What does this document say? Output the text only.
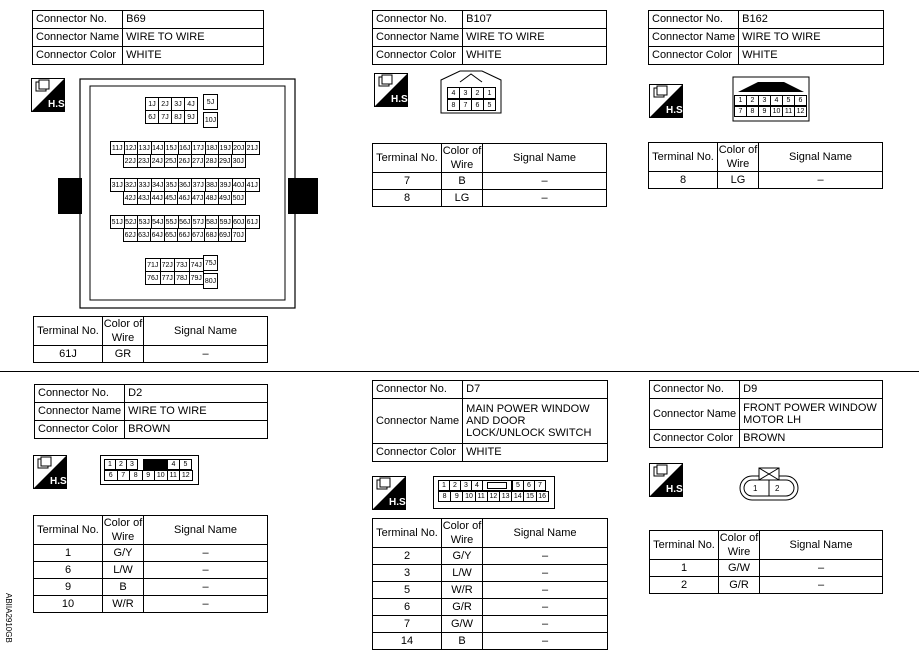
Connector No.	B69
Connector Name	WIRE TO WIRE
Connector Color	WHITE
H.S.	1J 2J 3J 4J	5J
6J 7J 8J 9J	10J
11J 12J 13J 14J 15J 16J 17J 18J 19J 20J 21J
22J 23J 24J 25J 26J 27J 28J 29J 30J
31J 32J 33J 34J 35J 36J 37J 38J 39J 40J 41J
42J 43J 44J 45J 46J 47J 48J 49J 50J
51J 52J 53J 54J 55J 56J 57J 58J 59J 60J 61J
62J 63J 64J 65J 66J 67J 68J 69J 70J
71J 72J 73J 74J 75J
76J 77J 78J 79J 80J
Terminal No.	Color of Wire	Signal Name
61J	GR	–
Connector No.	B107
Connector Name	WIRE TO WIRE
Connector Color	WHITE
H.S.
4	3	2	1
8	7	6	5
Terminal No.	Color of Wire	Signal Name
7	B	–
8	LG	–
Connector No.	B162
Connector Name	WIRE TO WIRE
Connector Color	WHITE
H.S.
1	2	3	4	5	6
7	8	9 10 11 12
Terminal No.	Color of Wire	Signal Name
8	LG	–
Connector No.	D2
Connector Name	WIRE TO WIRE
Connector Color	BROWN
H.S.
1	2	3	4	5
6	7	8	9 10 11 12
Terminal No.	Color of Wire	Signal Name
1	G/Y	–
6	L/W	–
9	B	–
10	W/R	–
Connector No.	D7
Connector Name	MAIN POWER WINDOW AND DOOR LOCK/UNLOCK SWITCH
Connector Color	WHITE
H.S.
1	2	3	4	5	6	7
8	9 10 11 12 13 14 15 16
Terminal No.	Color of Wire	Signal Name
2	G/Y	–
3	L/W	–
5	W/R	–
6	G/R	–
7	G/W	–
14	B	–
Connector No.	D9
Connector Name	FRONT POWER WINDOW MOTOR LH
Connector Color	BROWN
H.S.	1 2
Terminal No.	Color of Wire	Signal Name
1	G/W	–
2	G/R	–
ABIIA2910GB
